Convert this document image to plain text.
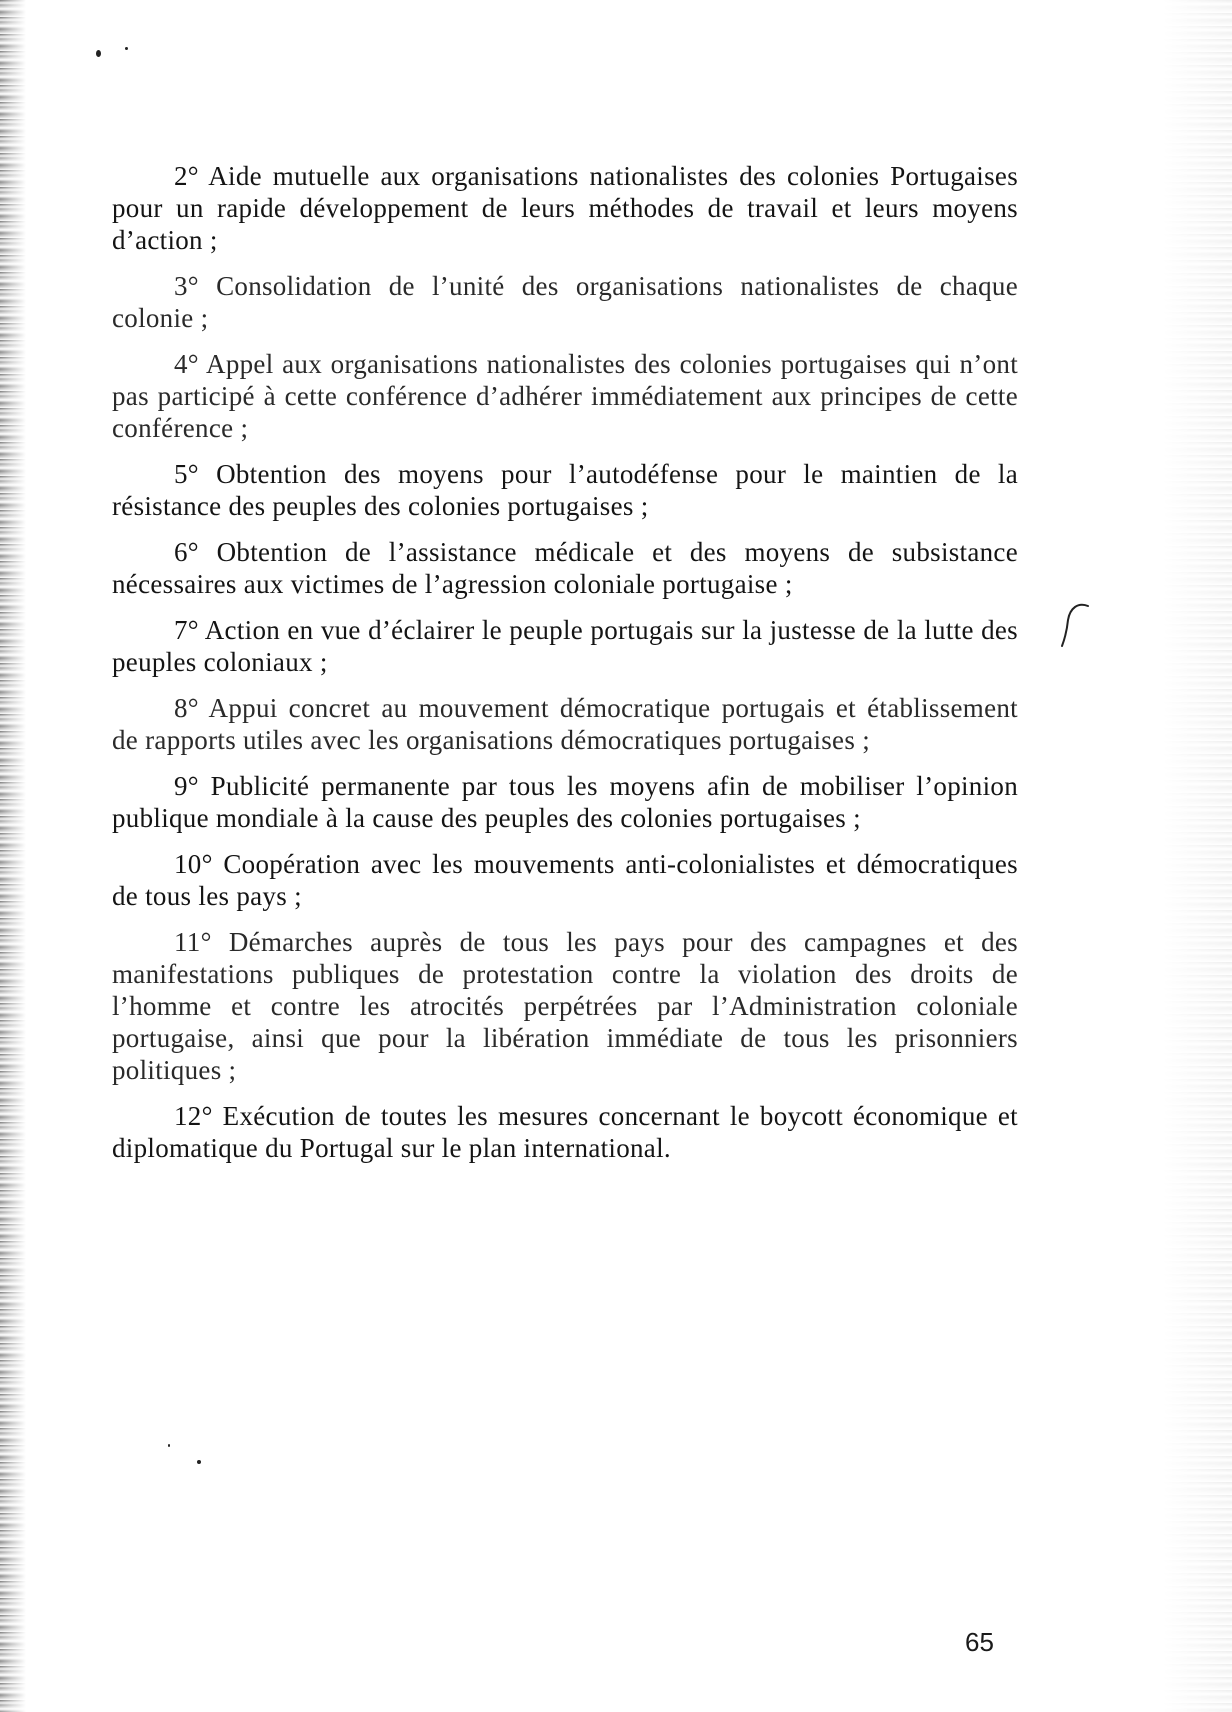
2° Aide mutuelle aux organisations nationalistes des colonies Portugaises pour un rapide développement de leurs méthodes de travail et leurs moyens d’action ;

3° Consolidation de l’unité des organisations nationalistes de chaque colonie ;

4° Appel aux organisations nationalistes des colonies portugaises qui n’ont pas participé à cette conférence d’adhérer immédiatement aux principes de cette conférence ;

5° Obtention des moyens pour l’autodéfense pour le maintien de la résistance des peuples des colonies portugaises ;

6° Obtention de l’assistance médicale et des moyens de subsistance nécessaires aux victimes de l’agression coloniale portugaise ;

7° Action en vue d’éclairer le peuple portugais sur la justesse de la lutte des peuples coloniaux ;

8° Appui concret au mouvement démocratique portugais et établissement de rapports utiles avec les organisations démocratiques portugaises ;

9° Publicité permanente par tous les moyens afin de mobiliser l’opinion publique mondiale à la cause des peuples des colonies portugaises ;

10° Coopération avec les mouvements anti-colonialistes et démocratiques de tous les pays ;

11° Démarches auprès de tous les pays pour des campagnes et des manifestations publiques de protestation contre la violation des droits de l’homme et contre les atrocités perpétrées par l’Administration coloniale portugaise, ainsi que pour la libération immédiate de tous les prisonniers politiques ;

12° Exécution de toutes les mesures concernant le boycott économique et diplomatique du Portugal sur le plan international.

65
